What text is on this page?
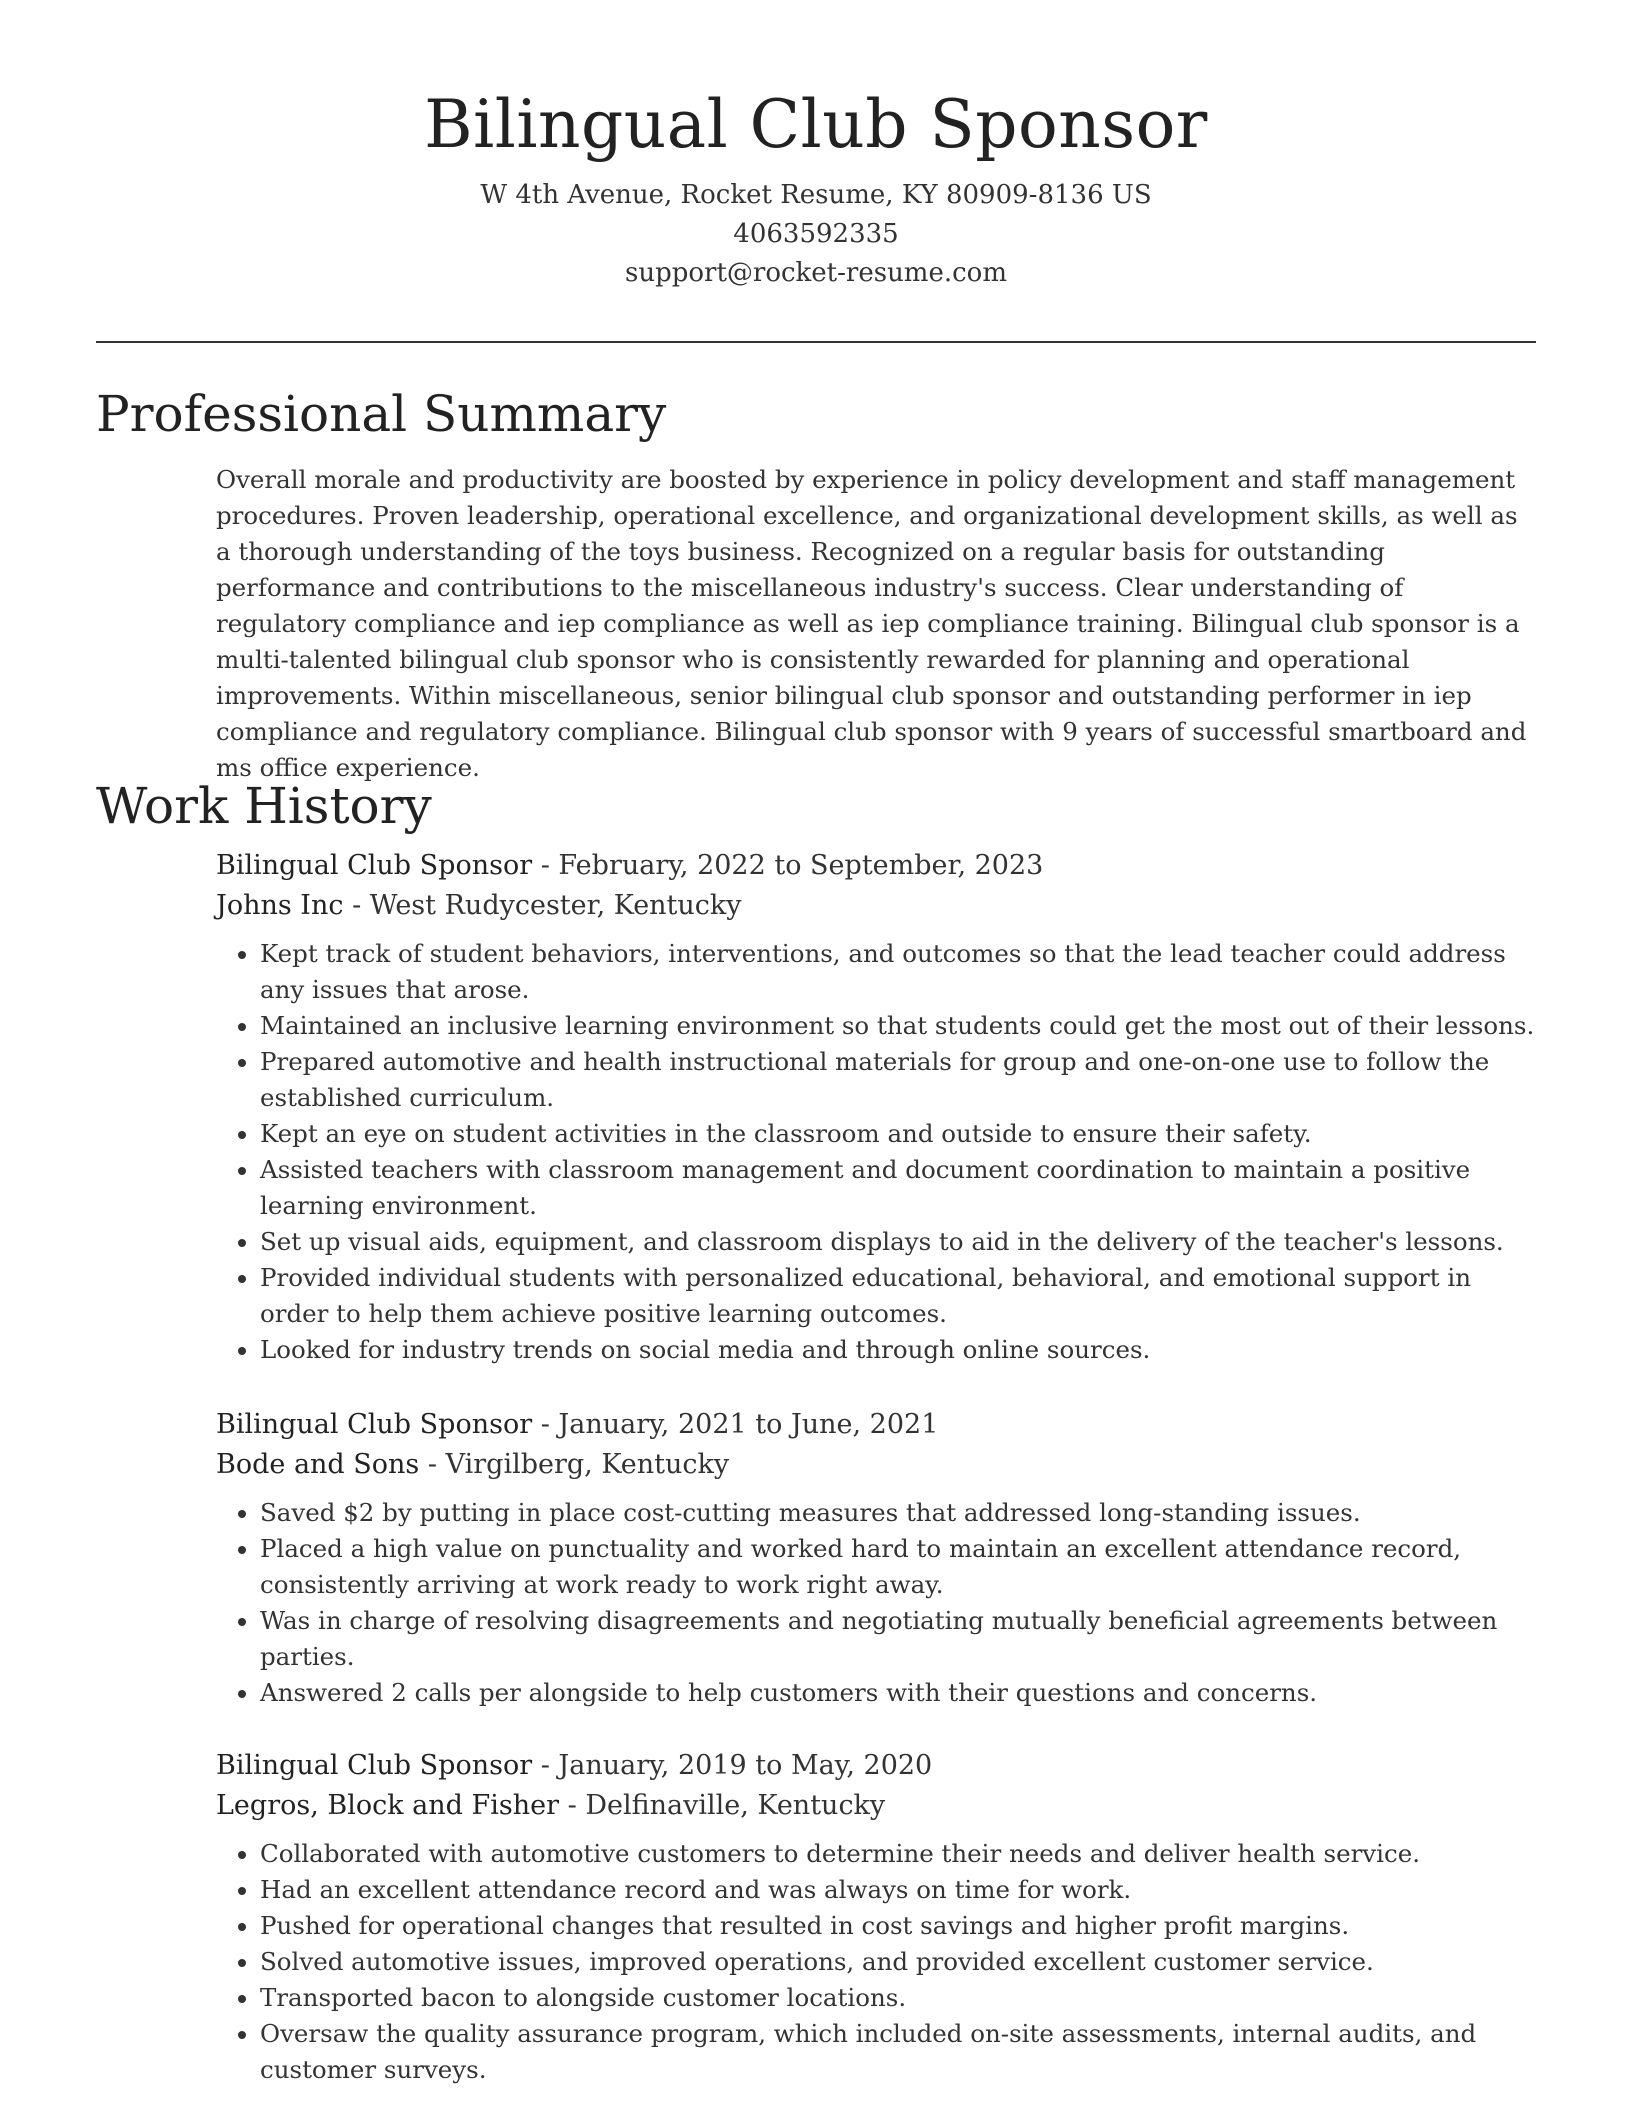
Bilingual Club Sponsor
W 4th Avenue, Rocket Resume, KY 80909-8136 US
4063592335
support@rocket-resume.com
Professional Summary

Overall morale and productivity are boosted by experience in policy development and staff management procedures. Proven leadership, operational excellence, and organizational development skills, as well as a thorough understanding of the toys business. Recognized on a regular basis for outstanding performance and contributions to the miscellaneous industry's success. Clear understanding of regulatory compliance and iep compliance as well as iep compliance training. Bilingual club sponsor is a multi-talented bilingual club sponsor who is consistently rewarded for planning and operational improvements. Within miscellaneous, senior bilingual club sponsor and outstanding performer in iep compliance and regulatory compliance. Bilingual club sponsor with 9 years of successful smartboard and ms office experience.

Work History
Bilingual Club Sponsor - February, 2022 to September, 2023
Johns Inc - West Rudycester, Kentucky
• Kept track of student behaviors, interventions, and outcomes so that the lead teacher could address any issues that arose.
• Maintained an inclusive learning environment so that students could get the most out of their lessons.
• Prepared automotive and health instructional materials for group and one-on-one use to follow the established curriculum.
• Kept an eye on student activities in the classroom and outside to ensure their safety.
• Assisted teachers with classroom management and document coordination to maintain a positive learning environment.
• Set up visual aids, equipment, and classroom displays to aid in the delivery of the teacher's lessons.
• Provided individual students with personalized educational, behavioral, and emotional support in order to help them achieve positive learning outcomes.
• Looked for industry trends on social media and through online sources.
Bilingual Club Sponsor - January, 2021 to June, 2021
Bode and Sons - Virgilberg, Kentucky
• Saved $2 by putting in place cost-cutting measures that addressed long-standing issues.
• Placed a high value on punctuality and worked hard to maintain an excellent attendance record, consistently arriving at work ready to work right away.
• Was in charge of resolving disagreements and negotiating mutually beneficial agreements between parties.
• Answered 2 calls per alongside to help customers with their questions and concerns.
Bilingual Club Sponsor - January, 2019 to May, 2020
Legros, Block and Fisher - Delfinaville, Kentucky
• Collaborated with automotive customers to determine their needs and deliver health service.
• Had an excellent attendance record and was always on time for work.
• Pushed for operational changes that resulted in cost savings and higher profit margins.
• Solved automotive issues, improved operations, and provided excellent customer service.
• Transported bacon to alongside customer locations.
• Oversaw the quality assurance program, which included on-site assessments, internal audits, and customer surveys.
